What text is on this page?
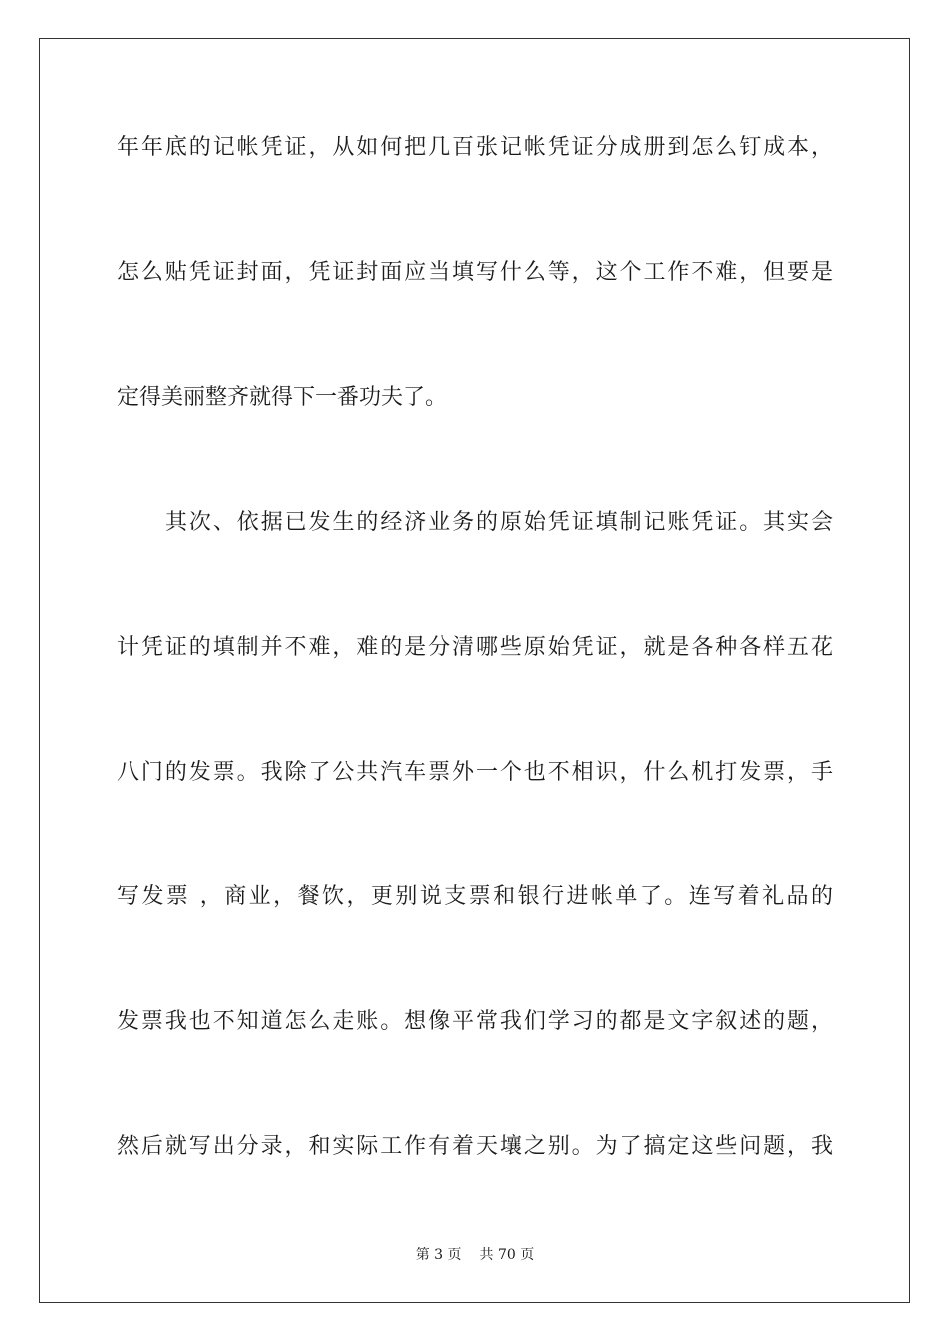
年年底的记帐凭证，从如何把几百张记帐凭证分成册到怎么钉成本，
怎么贴凭证封面，凭证封面应当填写什么等，这个工作不难，但要是
定得美丽整齐就得下一番功夫了。
其次、依据已发生的经济业务的原始凭证填制记账凭证。其实会
计凭证的填制并不难，难的是分清哪些原始凭证，就是各种各样五花
八门的发票。我除了公共汽车票外一个也不相识，什么机打发票，手
写发票 ，商业，餐饮，更别说支票和银行进帐单了。连写着礼品的
发票我也不知道怎么走账。想像平常我们学习的都是文字叙述的题，
然后就写出分录，和实际工作有着天壤之别。为了搞定这些问题，我
第 3 页 共 70 页
